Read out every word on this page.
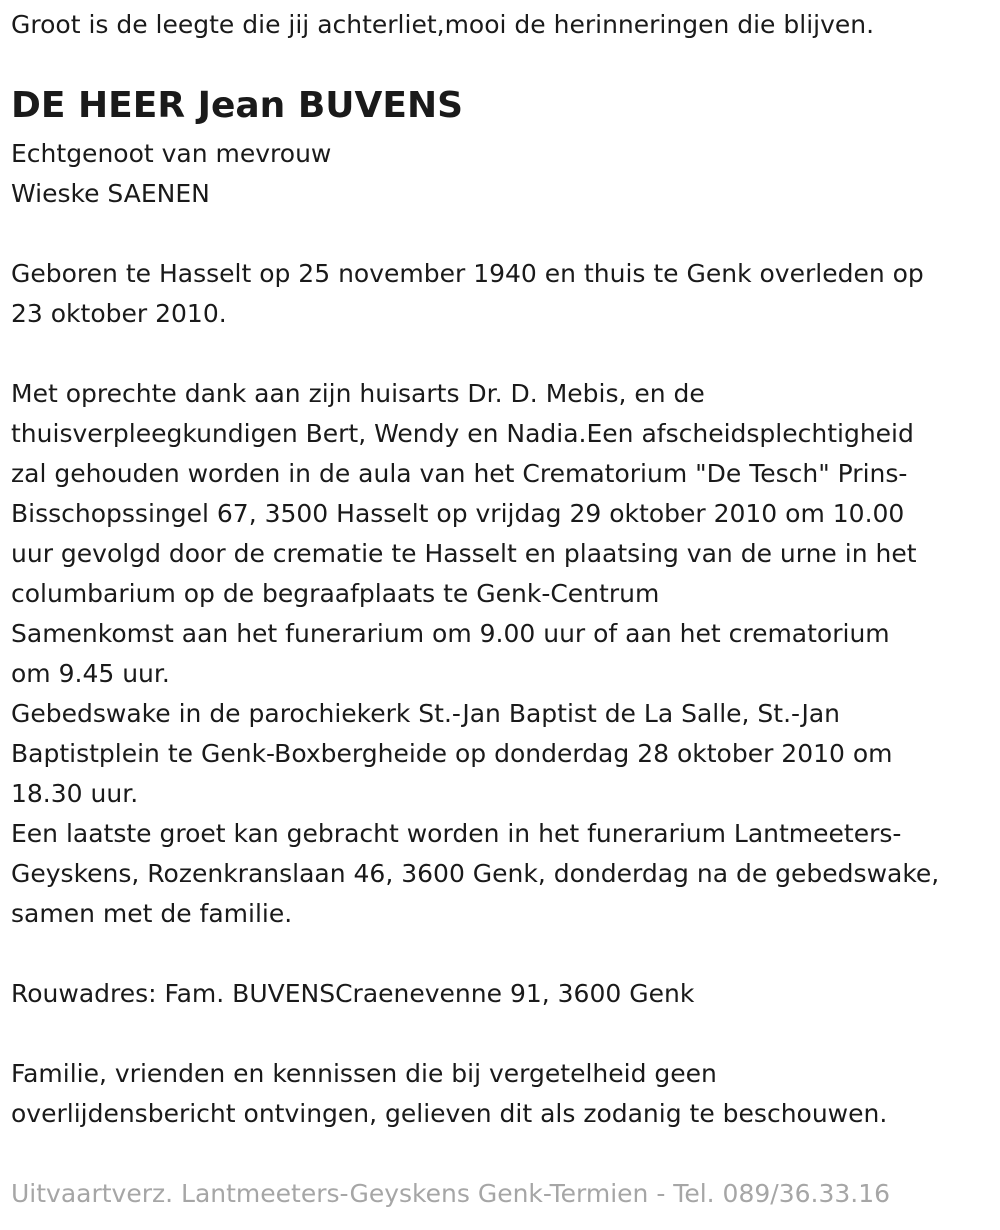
Groot is de leegte die jij achterliet,mooi de herinneringen die blijven.

DE HEER Jean BUVENS

Echtgenoot van mevrouw

Wieske SAENEN

Geboren te Hasselt op 25 november 1940 en thuis te Genk overleden op

23 oktober 2010.

Met oprechte dank aan zijn huisarts Dr. D. Mebis, en de

thuisverpleegkundigen Bert, Wendy en Nadia.Een afscheidsplechtigheid

zal gehouden worden in de aula van het Crematorium "De Tesch" Prins-

Bisschopssingel 67, 3500 Hasselt op vrijdag 29 oktober 2010 om 10.00

uur gevolgd door de crematie te Hasselt en plaatsing van de urne in het

columbarium op de begraafplaats te Genk-Centrum

Samenkomst aan het funerarium om 9.00 uur of aan het crematorium

om 9.45 uur.

Gebedswake in de parochiekerk St.-Jan Baptist de La Salle, St.-Jan

Baptistplein te Genk-Boxbergheide op donderdag 28 oktober 2010 om

18.30 uur.

Een laatste groet kan gebracht worden in het funerarium Lantmeeters-

Geyskens, Rozenkranslaan 46, 3600 Genk, donderdag na de gebedswake,

samen met de familie.

Rouwadres: Fam. BUVENSCraenevenne 91, 3600 Genk

Familie, vrienden en kennissen die bij vergetelheid geen

overlijdensbericht ontvingen, gelieven dit als zodanig te beschouwen.

Uitvaartverz. Lantmeeters-Geyskens Genk-Termien - Tel. 089/36.33.16
